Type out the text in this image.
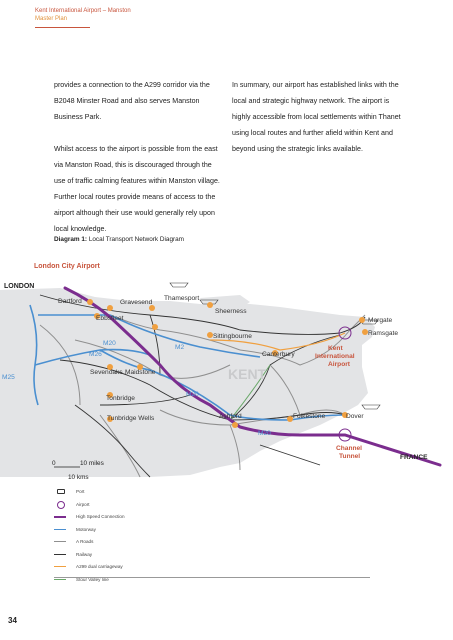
Kent International Airport – Manston
Master Plan

provides a connection to the A299 corridor via the B2048 Minster Road and also serves Manston Business Park.

Whilst access to the airport is possible from the east via Manston Road, this is discouraged through the use of traffic calming features within Manston village. Further local routes provide means of access to the airport although their use would generally rely upon local knowledge.

In summary, our airport has established links with the local and strategic highway network. The airport is highly accessible from local settlements within Thanet using local routes and further afield within Kent and beyond using the strategic links available.

Diagram 1: Local Transport Network Diagram
London City Airport
LONDON
Dartford	Gravesend
Thamesport
Sheerness
Ebbsfleet	Margate
Ramsgate
Sittingbourne
Kent International Airport
M2
M20
M26
M25
Canterbury
Sevenoaks Maidstone	KENT
M20
Tonbridge
Tunbridge Wells	Ashford	Folkestone	Dover
M20
Channel Tunnel	FRANCE
0	10 miles
10 kms
Port
Airport
High Speed Connection
Motorway
A Roads
Railway
A299 dual carriageway
Stour Valley line
34
